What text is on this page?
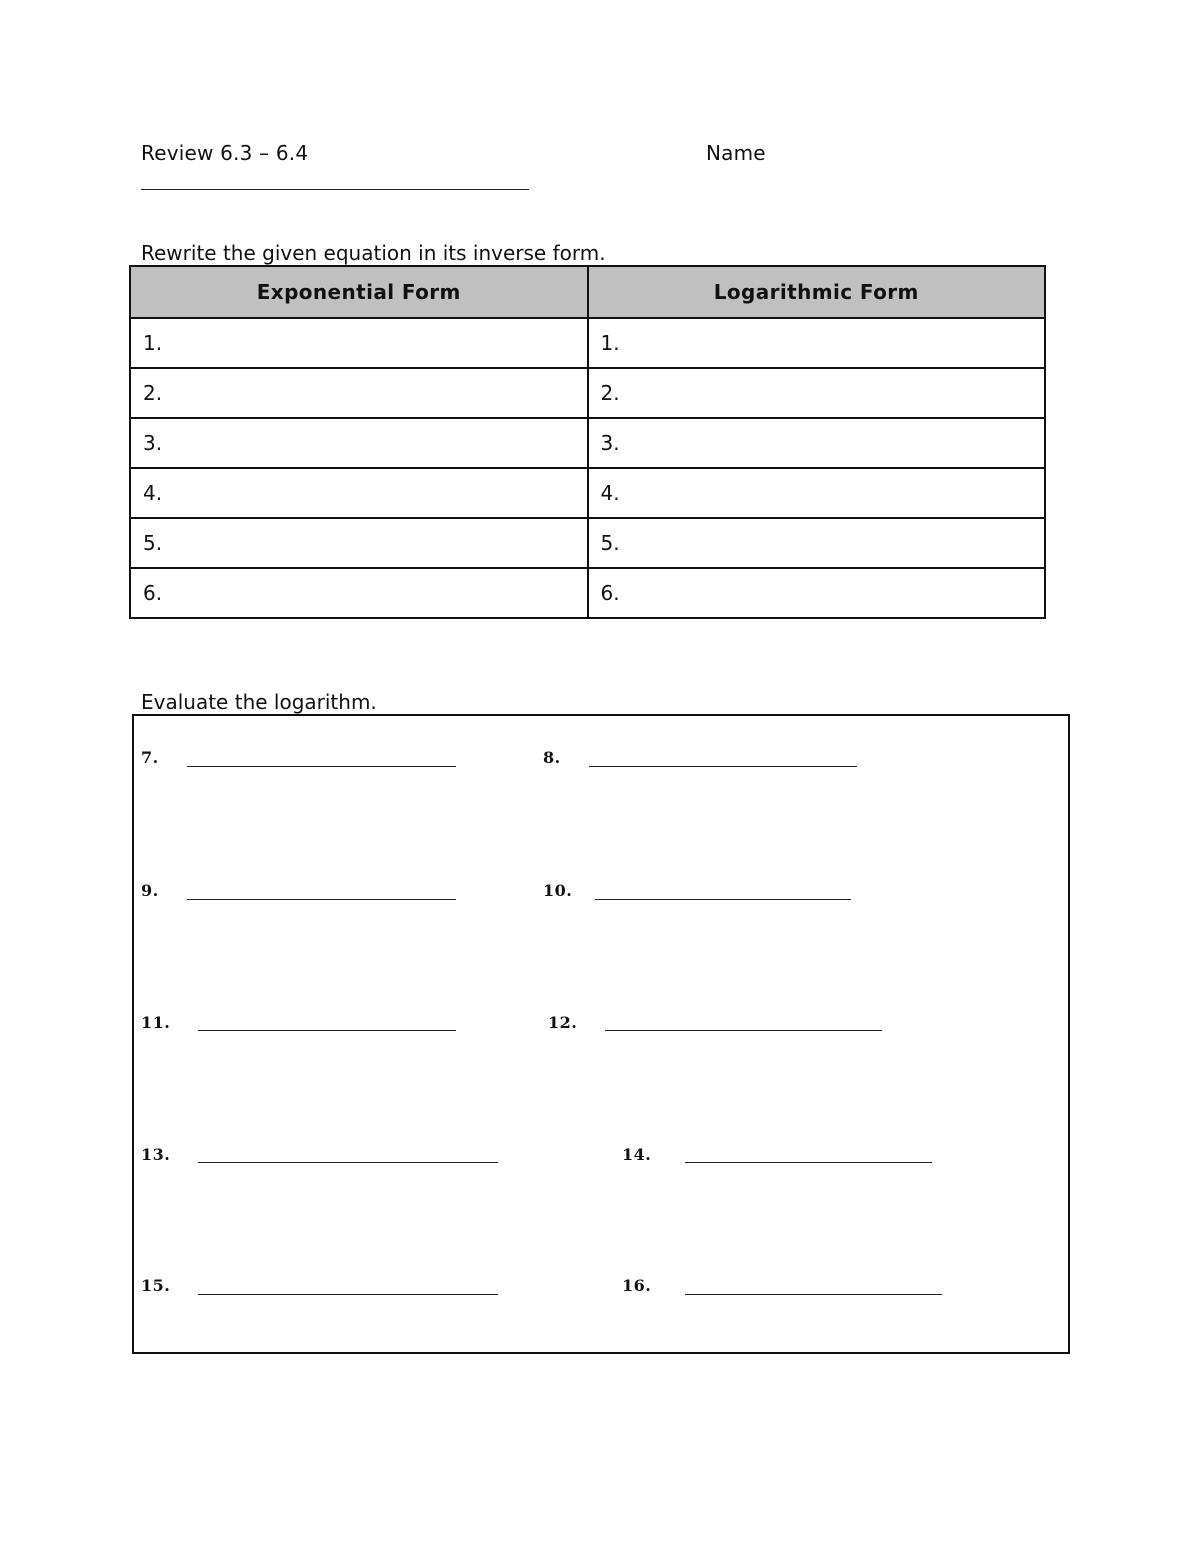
Review 6.3 – 6.4	Name
Rewrite the given equation in its inverse form.
Exponential Form	Logarithmic Form
1.	1.
2.	2.
3.	3.
4.	4.
5.	5.
6.	6.
Evaluate the logarithm.
7.	8.
9.	10.
11.	12.
13.	14.
15.	16.
